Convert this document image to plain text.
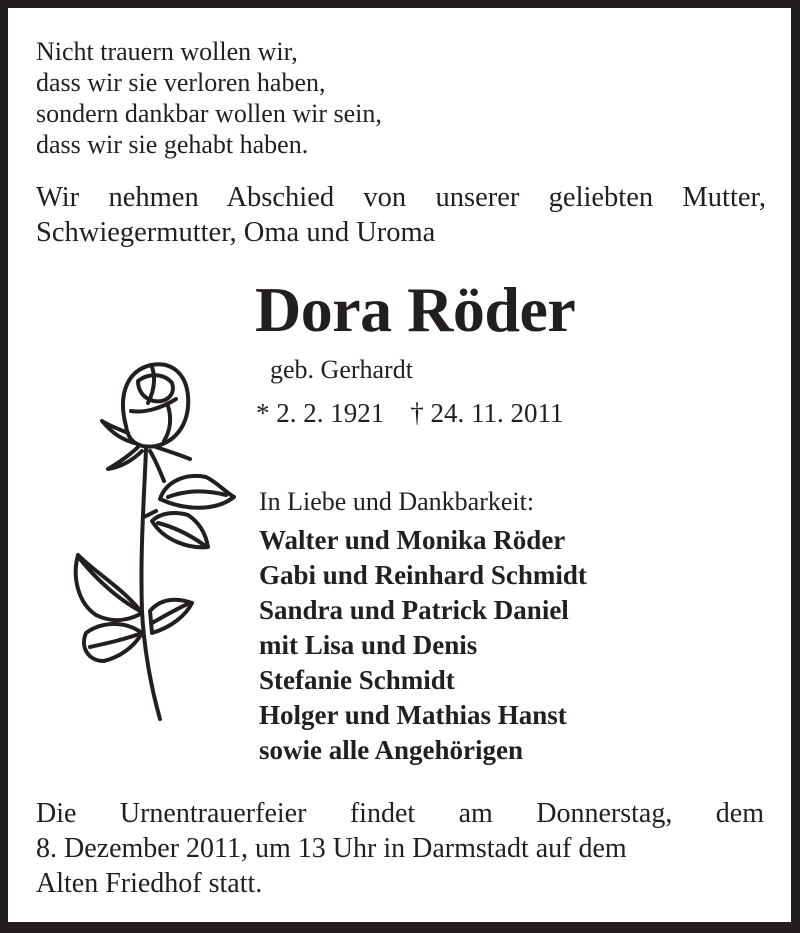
Nicht trauern wollen wir,
dass wir sie verloren haben,
sondern dankbar wollen wir sein,
dass wir sie gehabt haben.
Wir nehmen Abschied von unserer geliebten Mutter,
Schwiegermutter, Oma und Uroma
Dora Röder
geb. Gerhardt
* 2. 2. 1921 † 24. 11. 2011
In Liebe und Dankbarkeit:
Walter und Monika Röder
Gabi und Reinhard Schmidt
Sandra und Patrick Daniel
mit Lisa und Denis
Stefanie Schmidt
Holger und Mathias Hanst
sowie alle Angehörigen
Die Urnentrauerfeier findet am Donnerstag, dem
8. Dezember 2011, um 13 Uhr in Darmstadt auf dem
Alten Friedhof statt.
